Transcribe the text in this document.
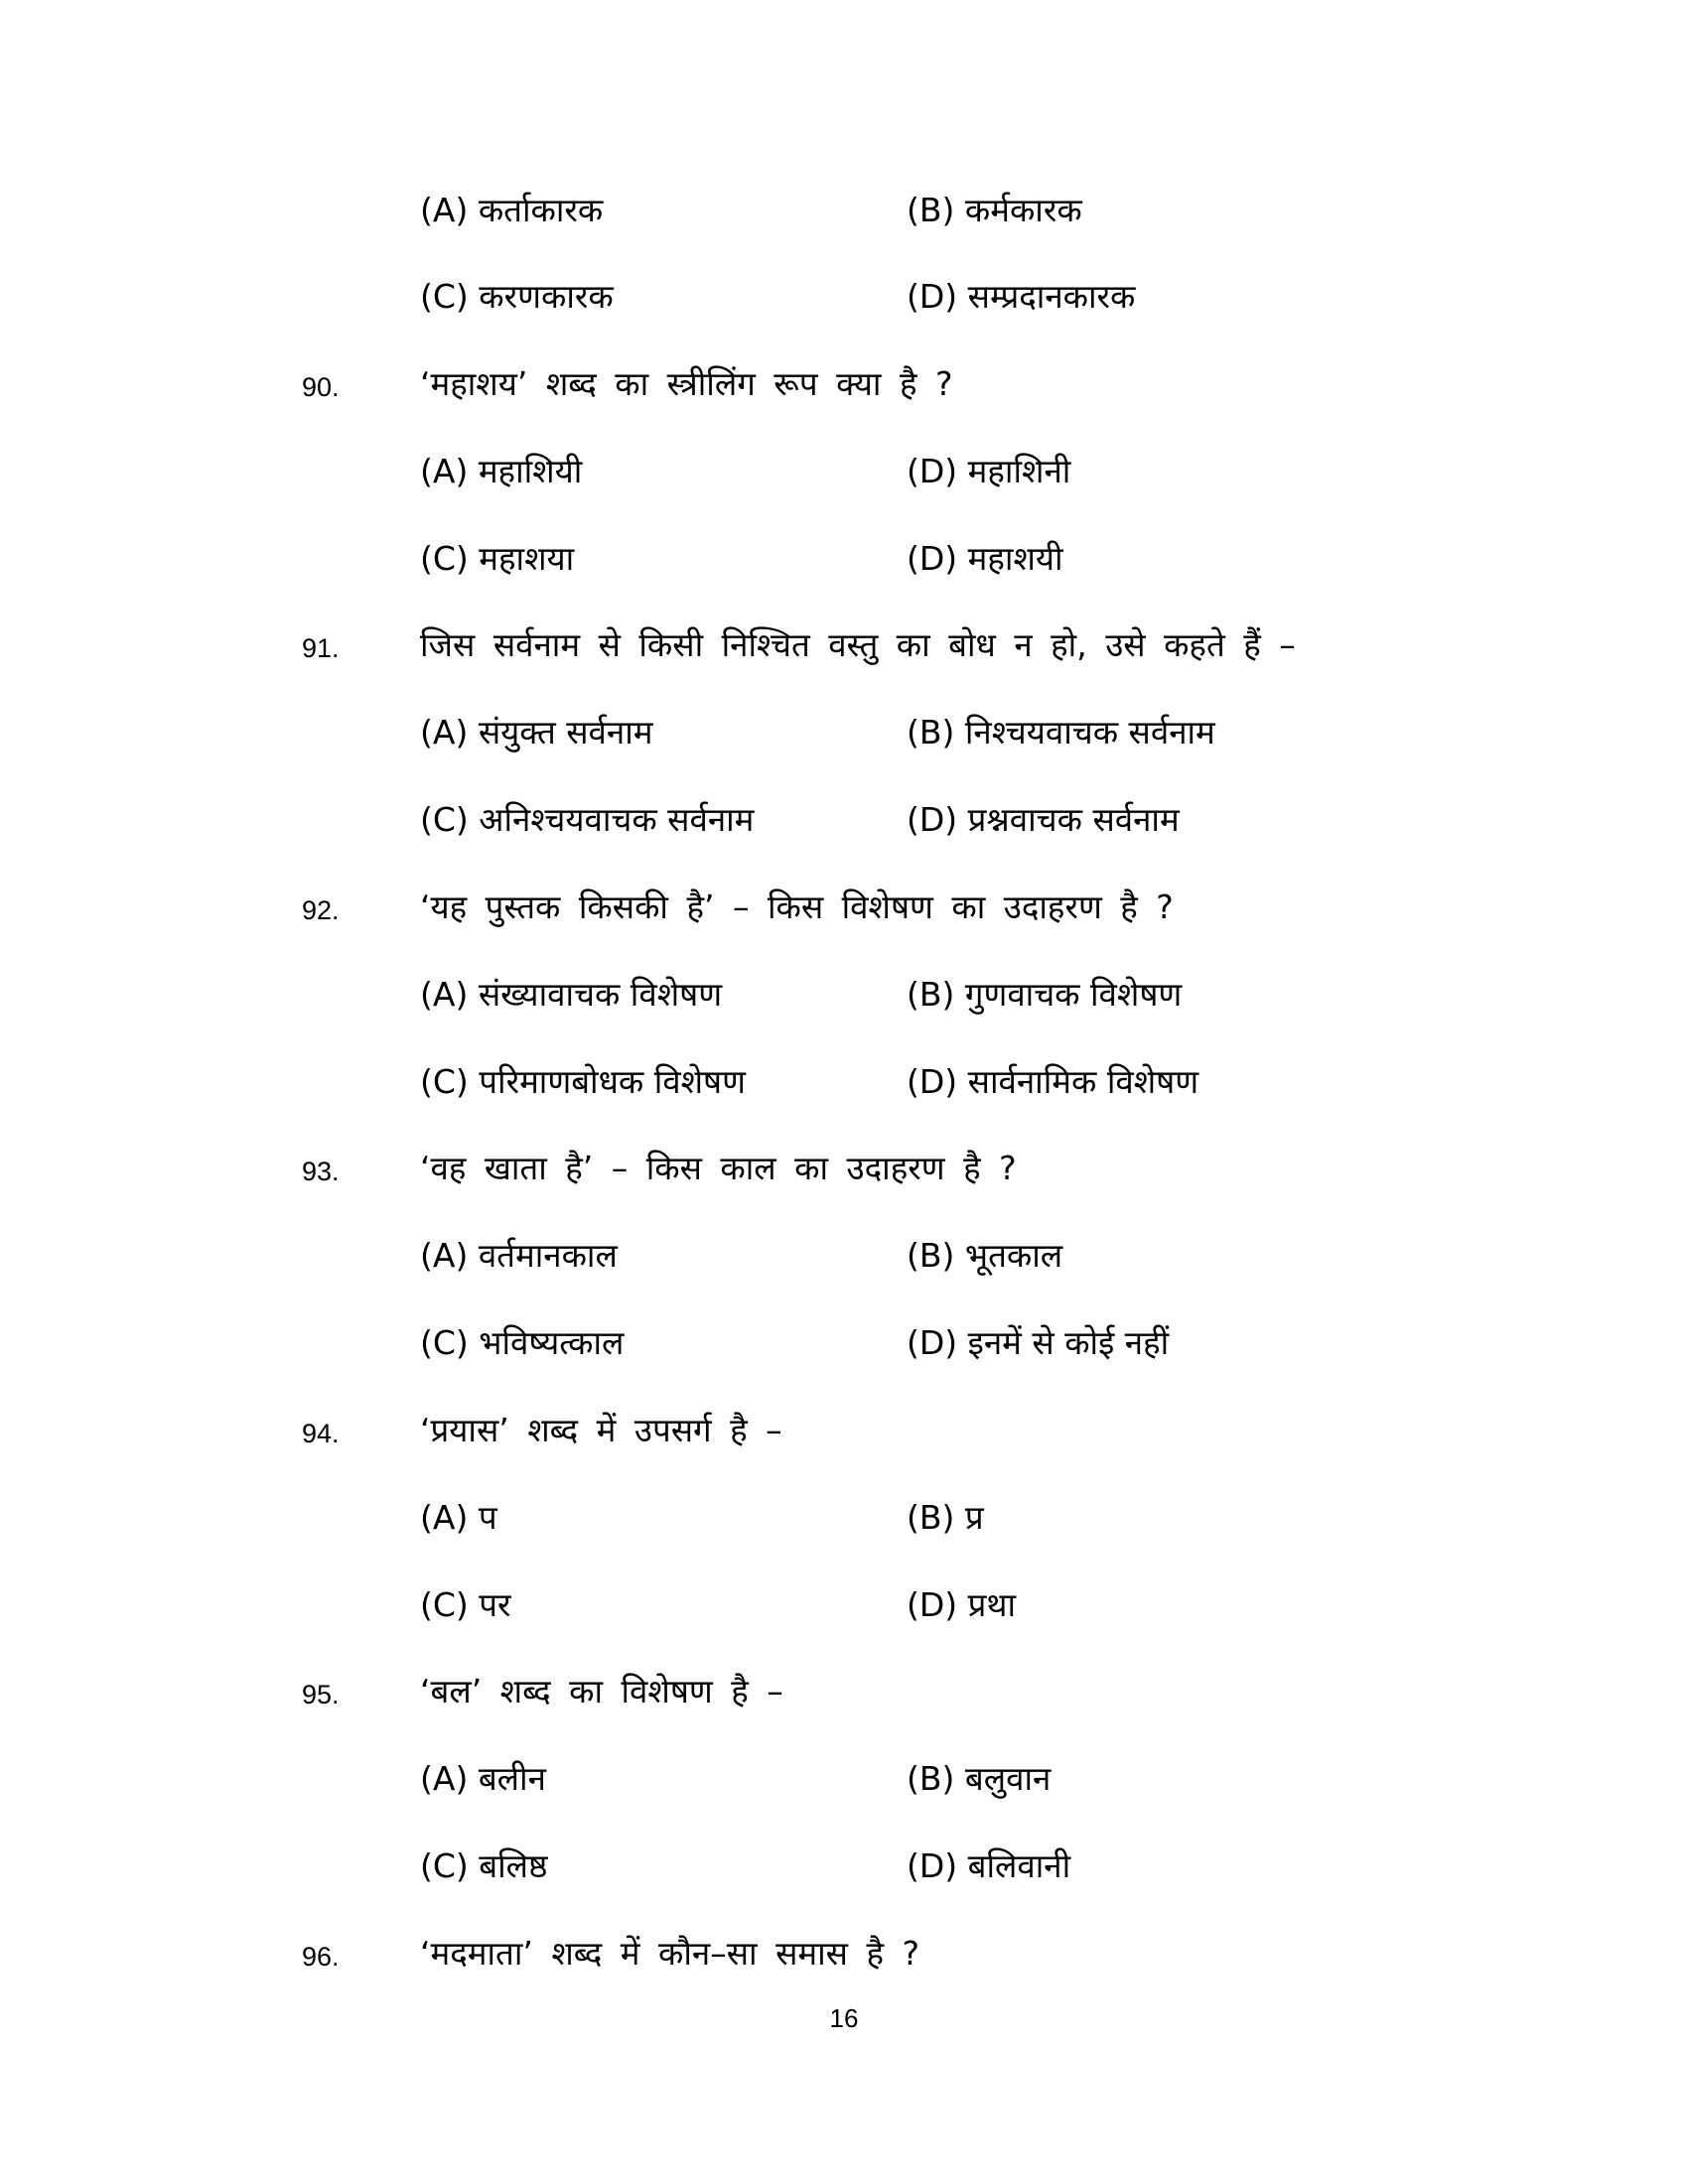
(A) कर्ताकारक	(B) कर्मकारक
(C) करणकारक	(D) सम्प्रदानकारक
90. ‘महाशय’ शब्द का स्त्रीलिंग रूप क्या है ?
(A) महाशियी	(D) महाशिनी
(C) महाशया	(D) महाशयी
91. जिस सर्वनाम से किसी निश्चित वस्तु का बोध न हो, उसे कहते हैं –
(A) संयुक्त सर्वनाम	(B) निश्चयवाचक सर्वनाम
(C) अनिश्चयवाचक सर्वनाम	(D) प्रश्नवाचक सर्वनाम
92. ‘यह पुस्तक किसकी है’ – किस विशेषण का उदाहरण है ?
(A) संख्यावाचक विशेषण	(B) गुणवाचक विशेषण
(C) परिमाणबोधक विशेषण	(D) सार्वनामिक विशेषण
93. ‘वह खाता है’ – किस काल का उदाहरण है ?
(A) वर्तमानकाल	(B) भूतकाल
(C) भविष्यत्काल	(D) इनमें से कोई नहीं
94. ‘प्रयास’ शब्द में उपसर्ग है –
(A) प	(B) प्र
(C) पर	(D) प्रथा
95. ‘बल’ शब्द का विशेषण है –
(A) बलीन	(B) बलुवान
(C) बलिष्ठ	(D) बलिवानी
96. ‘मदमाता’ शब्द में कौन–सा समास है ?
16
